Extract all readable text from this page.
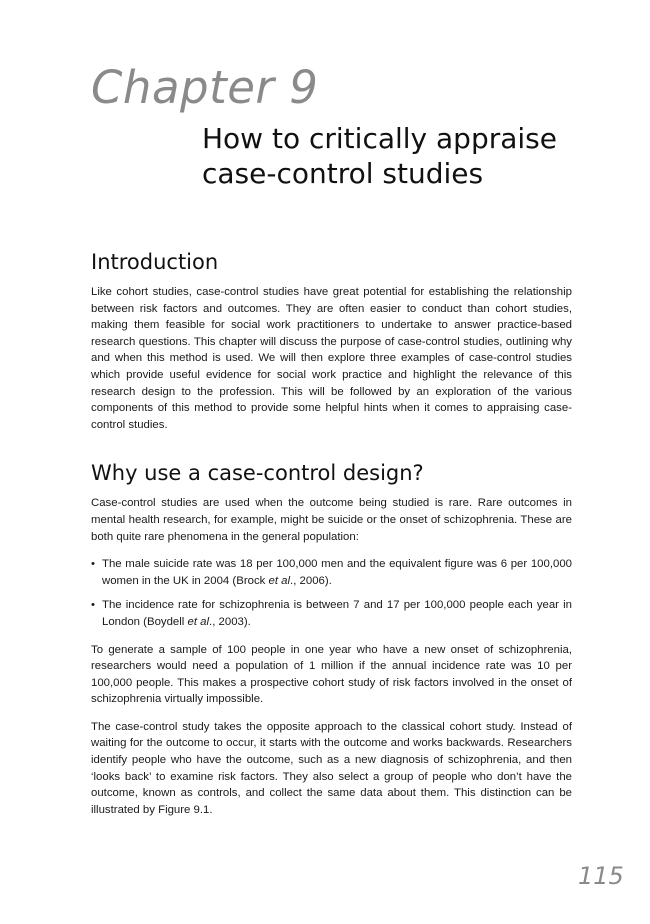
Chapter 9
How to critically appraise
case-control studies
Introduction

Like cohort studies, case-control studies have great potential for establishing the relationship between risk factors and outcomes. They are often easier to conduct than cohort studies, making them feasible for social work practitioners to undertake to answer practice-based research questions. This chapter will discuss the purpose of case-control studies, outlining why and when this method is used. We will then explore three examples of case-control studies which provide useful evidence for social work practice and highlight the relevance of this research design to the profession. This will be followed by an exploration of the various components of this method to provide some helpful hints when it comes to appraising case-control studies.

Why use a case-control design?

Case-control studies are used when the outcome being studied is rare. Rare outcomes in mental health research, for example, might be suicide or the onset of schizophrenia. These are both quite rare phenomena in the general population:

• The male suicide rate was 18 per 100,000 men and the equivalent figure was 6 per 100,000 women in the UK in 2004 (Brock et al., 2006).
• The incidence rate for schizophrenia is between 7 and 17 per 100,000 people each year in London (Boydell et al., 2003).

To generate a sample of 100 people in one year who have a new onset of schizophrenia, researchers would need a population of 1 million if the annual incidence rate was 10 per 100,000 people. This makes a prospective cohort study of risk factors involved in the onset of schizophrenia virtually impossible.

The case-control study takes the opposite approach to the classical cohort study. Instead of waiting for the outcome to occur, it starts with the outcome and works backwards. Researchers identify people who have the outcome, such as a new diagnosis of schizophrenia, and then ‘looks back’ to examine risk factors. They also select a group of people who don’t have the outcome, known as controls, and collect the same data about them. This distinction can be illustrated by Figure 9.1.

115
